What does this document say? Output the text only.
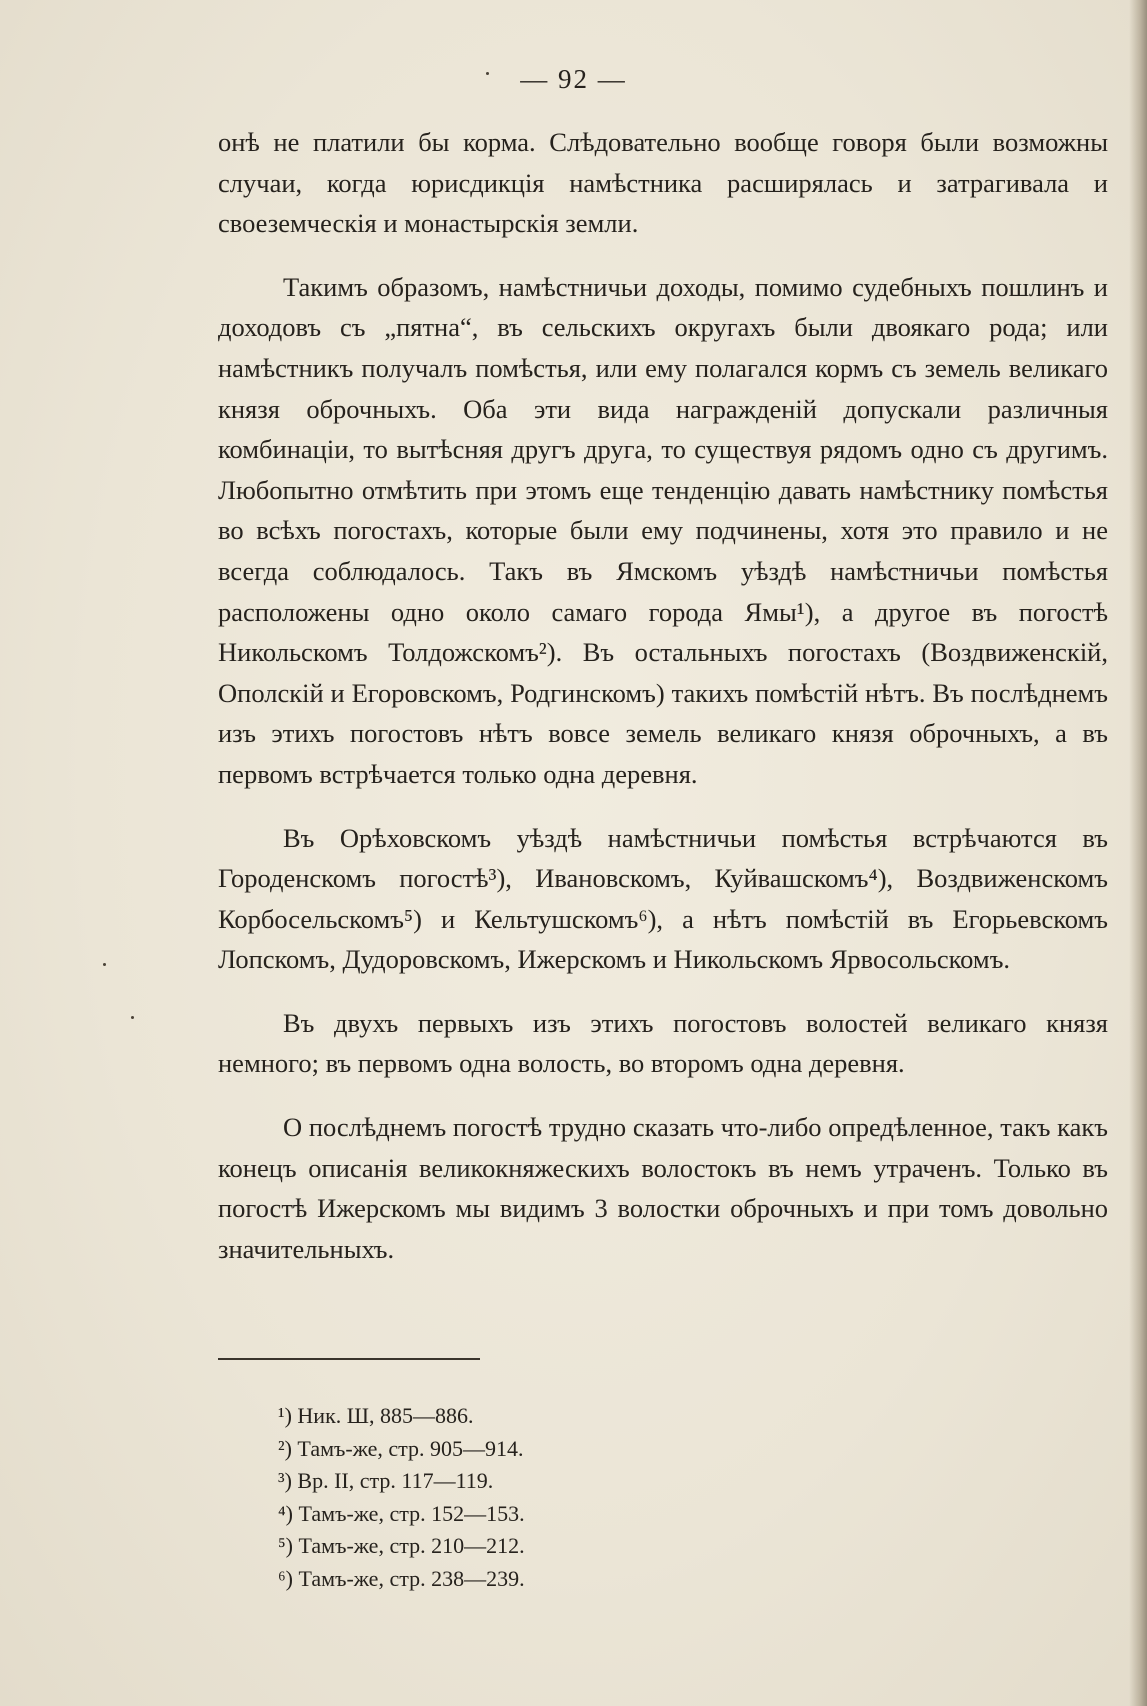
— 92 —

онѣ не платили бы корма. Слѣдовательно вообще говоря были возможны случаи, когда юрисдикція намѣстника расширялась и затрагивала и своеземческія и монастырскія земли.

Такимъ образомъ, намѣстничьи доходы, помимо судебныхъ пошлинъ и доходовъ съ „пятна“, въ сельскихъ округахъ были двоякаго рода; или намѣстникъ получалъ помѣстья, или ему полагался кормъ съ земель великаго князя оброчныхъ. Оба эти вида награжденій допускали различныя комбинаціи, то вытѣсняя другъ друга, то существуя рядомъ одно съ другимъ. Любопытно отмѣтить при этомъ еще тенденцію давать намѣстнику помѣстья во всѣхъ погостахъ, которые были ему подчинены, хотя это правило и не всегда соблюдалось. Такъ въ Ямскомъ уѣздѣ намѣстничьи помѣстья расположены одно около самаго города Ямы¹), а другое въ погостѣ Никольскомъ Толдожскомъ²). Въ остальныхъ погостахъ (Воздвиженскій, Ополскій и Егоровскомъ, Родгинскомъ) такихъ помѣстій нѣтъ. Въ послѣднемъ изъ этихъ погостовъ нѣтъ вовсе земель великаго князя оброчныхъ, а въ первомъ встрѣчается только одна деревня.

Въ Орѣховскомъ уѣздѣ намѣстничьи помѣстья встрѣчаются въ Городенскомъ погостѣ³), Ивановскомъ, Куйвашскомъ⁴), Воздвиженскомъ Корбосельскомъ⁵) и Кельтушскомъ⁶), а нѣтъ помѣстій въ Егорьевскомъ Лопскомъ, Дудоровскомъ, Ижерскомъ и Никольскомъ Ярвосольскомъ.

Въ двухъ первыхъ изъ этихъ погостовъ волостей великаго князя немного; въ первомъ одна волость, во второмъ одна деревня.

О послѣднемъ погостѣ трудно сказать что-либо опредѣленное, такъ какъ конецъ описанія великокняжескихъ волостокъ въ немъ утраченъ. Только въ погостѣ Ижерскомъ мы видимъ 3 волостки оброчныхъ и при томъ довольно значительныхъ.

¹) Ник. Ш, 885—886.
²) Тамъ-же, стр. 905—914.
³) Вр. II, стр. 117—119.
⁴) Тамъ-же, стр. 152—153.
⁵) Тамъ-же, стр. 210—212.
⁶) Тамъ-же, стр. 238—239.
